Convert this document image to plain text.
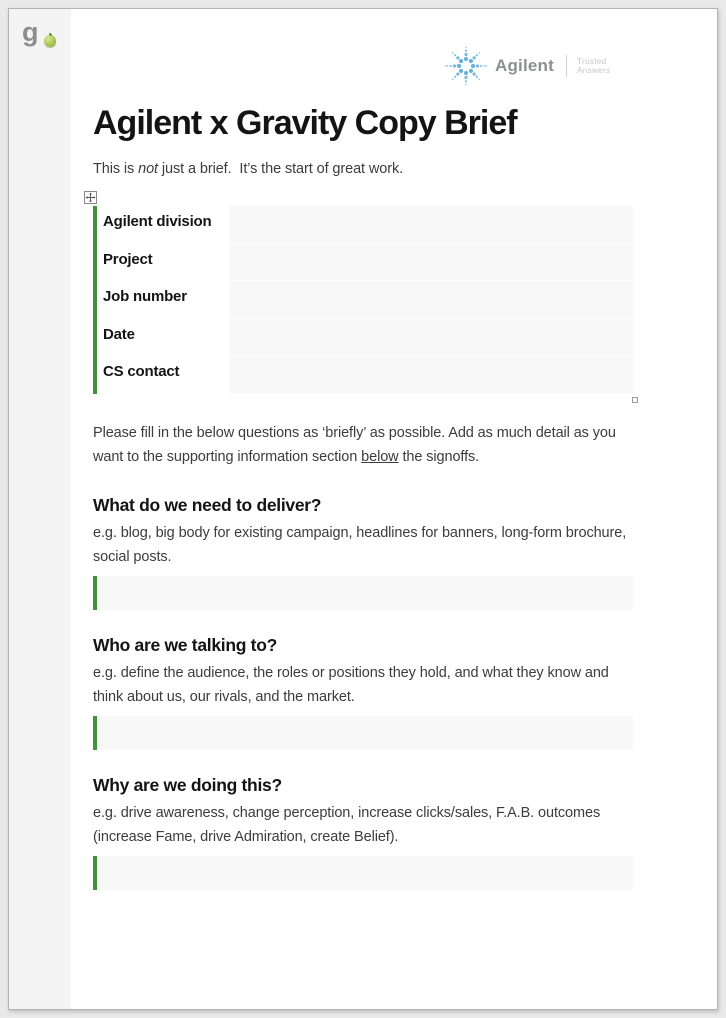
g
Agilent	Trusted Answers
Agilent x Gravity Copy Brief

This is not just a brief.  It’s the start of great work.

Agilent division
Project
Job number
Date
CS contact

Please fill in the below questions as ‘briefly’ as possible. Add as much detail as you want to the supporting information section below the signoffs.

What do we need to deliver?

e.g. blog, big body for existing campaign, headlines for banners, long-form brochure, social posts.

Who are we talking to?

e.g. define the audience, the roles or positions they hold, and what they know and think about us, our rivals, and the market.

Why are we doing this?

e.g. drive awareness, change perception, increase clicks/sales, F.A.B. outcomes (increase Fame, drive Admiration, create Belief).
